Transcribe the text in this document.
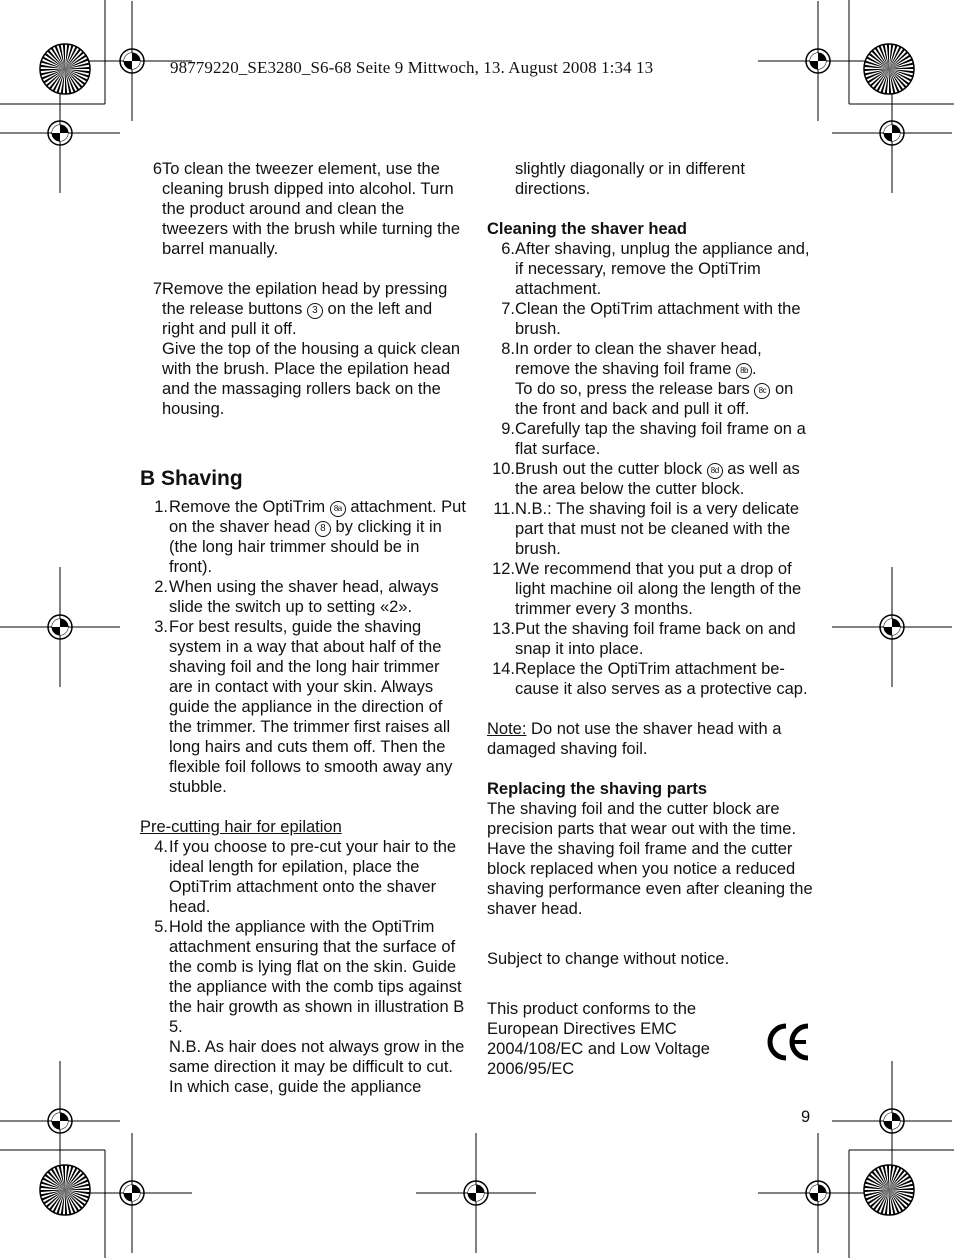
98779220_SE3280_S6-68 Seite 9 Mittwoch, 13. August 2008 1:34 13
6 To clean the tweezer element, use the cleaning brush dipped into alcohol. Turn the product around and clean the tweezers with the brush while turning the barrel manually.
7 Remove the epilation head by pressing the release buttons 3 on the left and right and pull it off.
Give the top of the housing a quick clean with the brush. Place the epilation head and the massaging rollers back on the housing.
B Shaving
1. Remove the OptiTrim 8a attachment. Put on the shaver head 8 by clicking it in (the long hair trimmer should be in front).
2. When using the shaver head, always slide the switch up to setting «2».
3. For best results, guide the shaving system in a way that about half of the shaving foil and the long hair trimmer are in contact with your skin. Always guide the appliance in the direction of the trimmer. The trimmer first raises all long hairs and cuts them off. Then the flexible foil follows to smooth away any stubble.
Pre-cutting hair for epilation
4. If you choose to pre-cut your hair to the ideal length for epilation, place the OptiTrim attachment onto the shaver head.
5. Hold the appliance with the OptiTrim attachment ensuring that the surface of the comb is lying flat on the skin. Guide the appliance with the comb tips against the hair growth as shown in illustration B 5.
N.B. As hair does not always grow in the same direction it may be difficult to cut. In which case, guide the appliance
slightly diagonally or in different directions.
Cleaning the shaver head
6. After shaving, unplug the appliance and, if necessary, remove the OptiTrim attachment.
7. Clean the OptiTrim attachment with the brush.
8. In order to clean the shaver head, remove the shaving foil frame 8b .
To do so, press the release bars 8c on the front and back and pull it off.
9. Carefully tap the shaving foil frame on a flat surface.
10. Brush out the cutter block 8d as well as the area below the cutter block.
11. N.B.: The shaving foil is a very delicate part that must not be cleaned with the brush.
12. We recommend that you put a drop of light machine oil along the length of the trimmer every 3 months.
13. Put the shaving foil frame back on and snap it into place.
14. Replace the OptiTrim attachment be-cause it also serves as a protective cap.
Note: Do not use the shaver head with a damaged shaving foil.
Replacing the shaving parts
The shaving foil and the cutter block are precision parts that wear out with the time. Have the shaving foil frame and the cutter block replaced when you notice a reduced shaving performance even after cleaning the shaver head.
Subject to change without notice.
This product conforms to the European Directives EMC 2004/108/EC and Low Voltage 2006/95/EC
9
